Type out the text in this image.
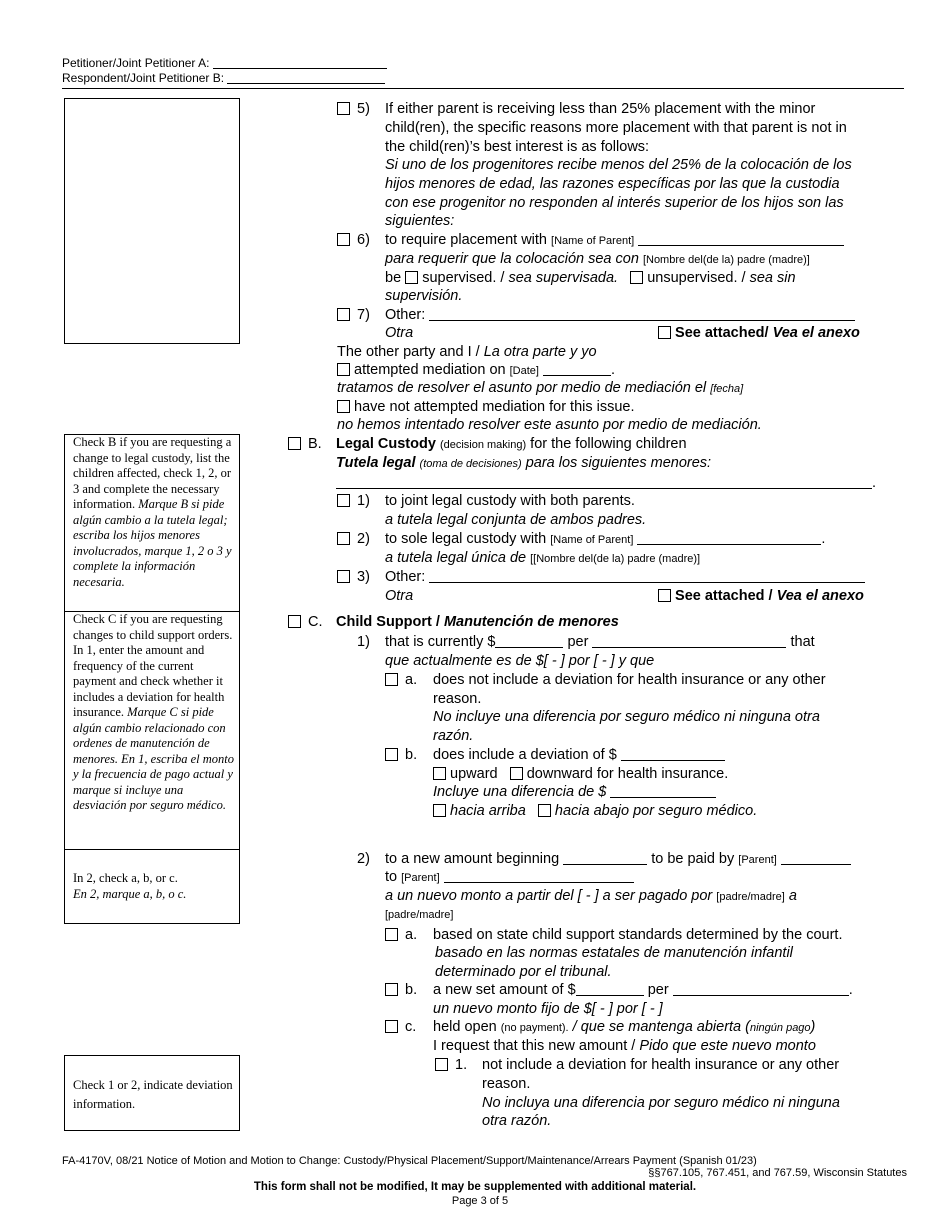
Petitioner/Joint Petitioner A:
Respondent/Joint Petitioner B:
Check B if you are requesting a change to legal custody, list the children affected, check 1, 2, or 3 and complete the necessary information. Marque B si pide algún cambio a la tutela legal; escriba los hijos menores involucrados, marque 1, 2 o 3 y complete la información necesaria.
Check C if you are requesting changes to child support orders. In 1, enter the amount and frequency of the current payment and check whether it includes a deviation for health insurance. Marque C si pide algún cambio relacionado con ordenes de manutención de menores. En 1, escriba el monto y la frecuencia de pago actual y marque si incluye una desviación por seguro médico.
In 2, check a, b, or c.
En 2, marque a, b, o c.
Check 1 or 2, indicate deviation information.
5) If either parent is receiving less than 25% placement with the minor
child(ren), the specific reasons more placement with that parent is not in
the child(ren)’s best interest is as follows:
Si uno de los progenitores recibe menos del 25% de la colocación de los
hijos menores de edad, las razones específicas por las que la custodia
con ese progenitor no responden al interés superior de los hijos son las
siguientes:
6) to require placement with [Name of Parent]
para requerir que la colocación sea con [Nombre del(de la) padre (madre)]
be supervised. / sea supervisada. unsupervised. / sea sin
supervisión.
7) Other:
Otra	See attached/ Vea el anexo
The other party and I / La otra parte y yo
attempted mediation on [Date]	.
tratamos de resolver el asunto por medio de mediación el [fecha]
have not attempted mediation for this issue.
no hemos intentado resolver este asunto por medio de mediación.
B. Legal Custody (decision making) for the following children
Tutela legal (toma de decisiones) para los siguientes menores:
.
1) to joint legal custody with both parents.
a tutela legal conjunta de ambos padres.
2) to sole legal custody with [Name of Parent]	.
a tutela legal única de [[Nombre del(de la) padre (madre)]
3) Other:
Otra	See attached / Vea el anexo
C. Child Support / Manutención de menores
1) that is currently $	per	that
que actualmente es de $[ - ] por [ - ] y que
a. does not include a deviation for health insurance or any other
reason.
No incluye una diferencia por seguro médico ni ninguna otra
razón.
b. does include a deviation of $
upward downward for health insurance.
Incluye una diferencia de $
hacia arriba hacia abajo por seguro médico.
2) to a new amount beginning	to be paid by [Parent]
to [Parent]
a un nuevo monto a partir del [ - ] a ser pagado por [padre/madre] a
[padre/madre]
a. based on state child support standards determined by the court.
basado en las normas estatales de manutención infantil
determinado por el tribunal.
b. a new set amount of $	per	.
un nuevo monto fijo de $[ - ] por [ - ]
c. held open (no payment). / que se mantenga abierta (ningún pago)
I request that this new amount / Pido que este nuevo monto
1. not include a deviation for health insurance or any other
reason.
No incluya una diferencia por seguro médico ni ninguna
otra razón.
FA-4170V, 08/21 Notice of Motion and Motion to Change: Custody/Physical Placement/Support/Maintenance/Arrears Payment (Spanish 01/23)
§§767.105, 767.451, and 767.59, Wisconsin Statutes
This form shall not be modified, It may be supplemented with additional material.
Page 3 of 5
